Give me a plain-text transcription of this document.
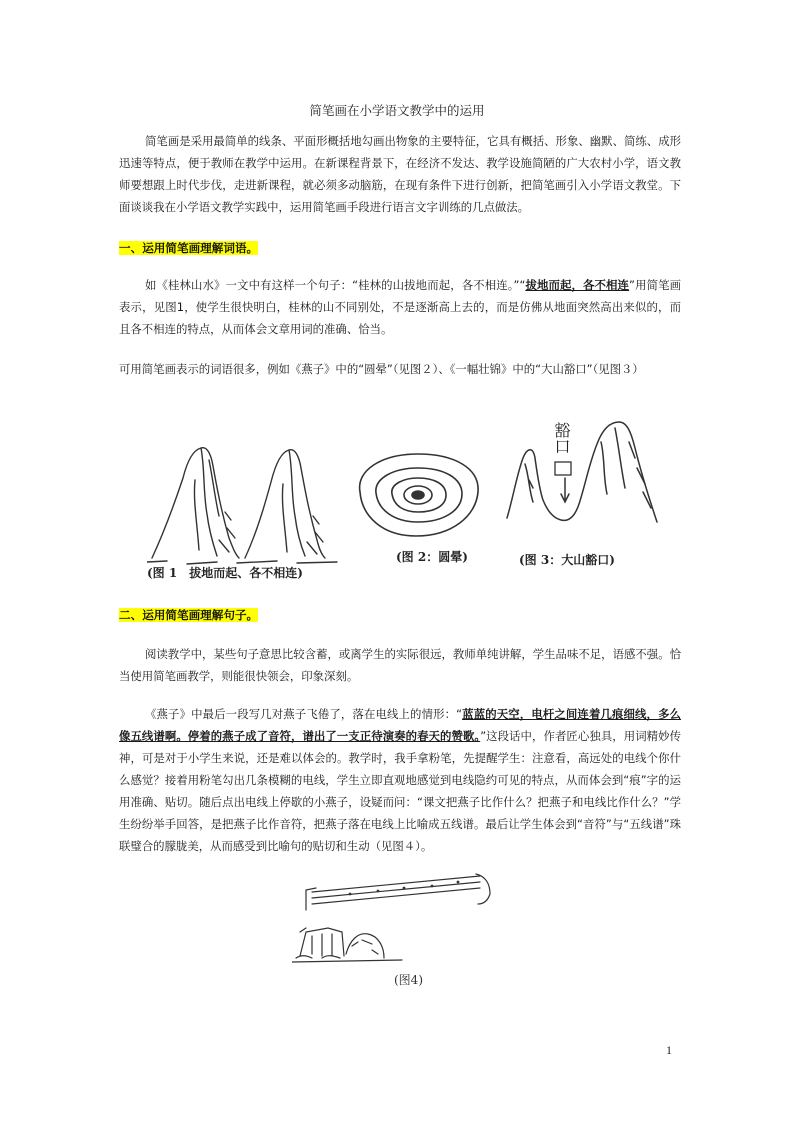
简笔画在小学语文教学中的运用
简笔画是采用最简单的线条、平面形概括地勾画出物象的主要特征，它具有概括、形象、幽默、简练、成形迅速等特点，便于教师在教学中运用。在新课程背景下，在经济不发达、教学设施简陋的广大农村小学，语文教师要想跟上时代步伐，走进新课程，就必须多动脑筋，在现有条件下进行创新，把简笔画引入小学语文教堂。下面谈谈我在小学语文教学实践中，运用简笔画手段进行语言文字训练的几点做法。
一、运用简笔画理解词语。
如《桂林山水》一文中有这样一个句子：“桂林的山拔地而起，各不相连。”“拔地而起，各不相连”用简笔画表示，见图1，使学生很快明白，桂林的山不同别处，不是逐渐高上去的，而是仿佛从地面突然高出来似的，而且各不相连的特点，从而体会文章用词的准确、恰当。
可用简笔画表示的词语很多，例如《燕子》中的“圆晕”（见图２）、《一幅壮锦》中的“大山豁口”（见图３）
(图 1　拔地而起、各不相连)
(图 2：圆晕)
豁口
(图 3：大山豁口)
二、运用简笔画理解句子。
阅读教学中，某些句子意思比较含蓄，或离学生的实际很远，教师单纯讲解，学生品味不足，语感不强。恰当使用简笔画教学，则能很快领会，印象深刻。
《燕子》中最后一段写几对燕子飞倦了，落在电线上的情形：“蓝蓝的天空，电杆之间连着几痕细线，多么像五线谱啊。停着的燕子成了音符，谱出了一支正待演奏的春天的赞歌。”这段话中，作者匠心独具，用词精妙传神，可是对于小学生来说，还是难以体会的。教学时，我手拿粉笔，先提醒学生：注意看，高远处的电线个你什么感觉？接着用粉笔勾出几条模糊的电线，学生立即直观地感觉到电线隐约可见的特点，从而体会到“痕”字的运用准确、贴切。随后点出电线上停歇的小燕子，设疑而问：“课文把燕子比作什么？把燕子和电线比作什么？”学生纷纷举手回答，是把燕子比作音符，把燕子落在电线上比喻成五线谱。最后让学生体会到“音符”与“五线谱”珠联璧合的朦胧美，从而感受到比喻句的贴切和生动（见图４）。
(图4)
1
